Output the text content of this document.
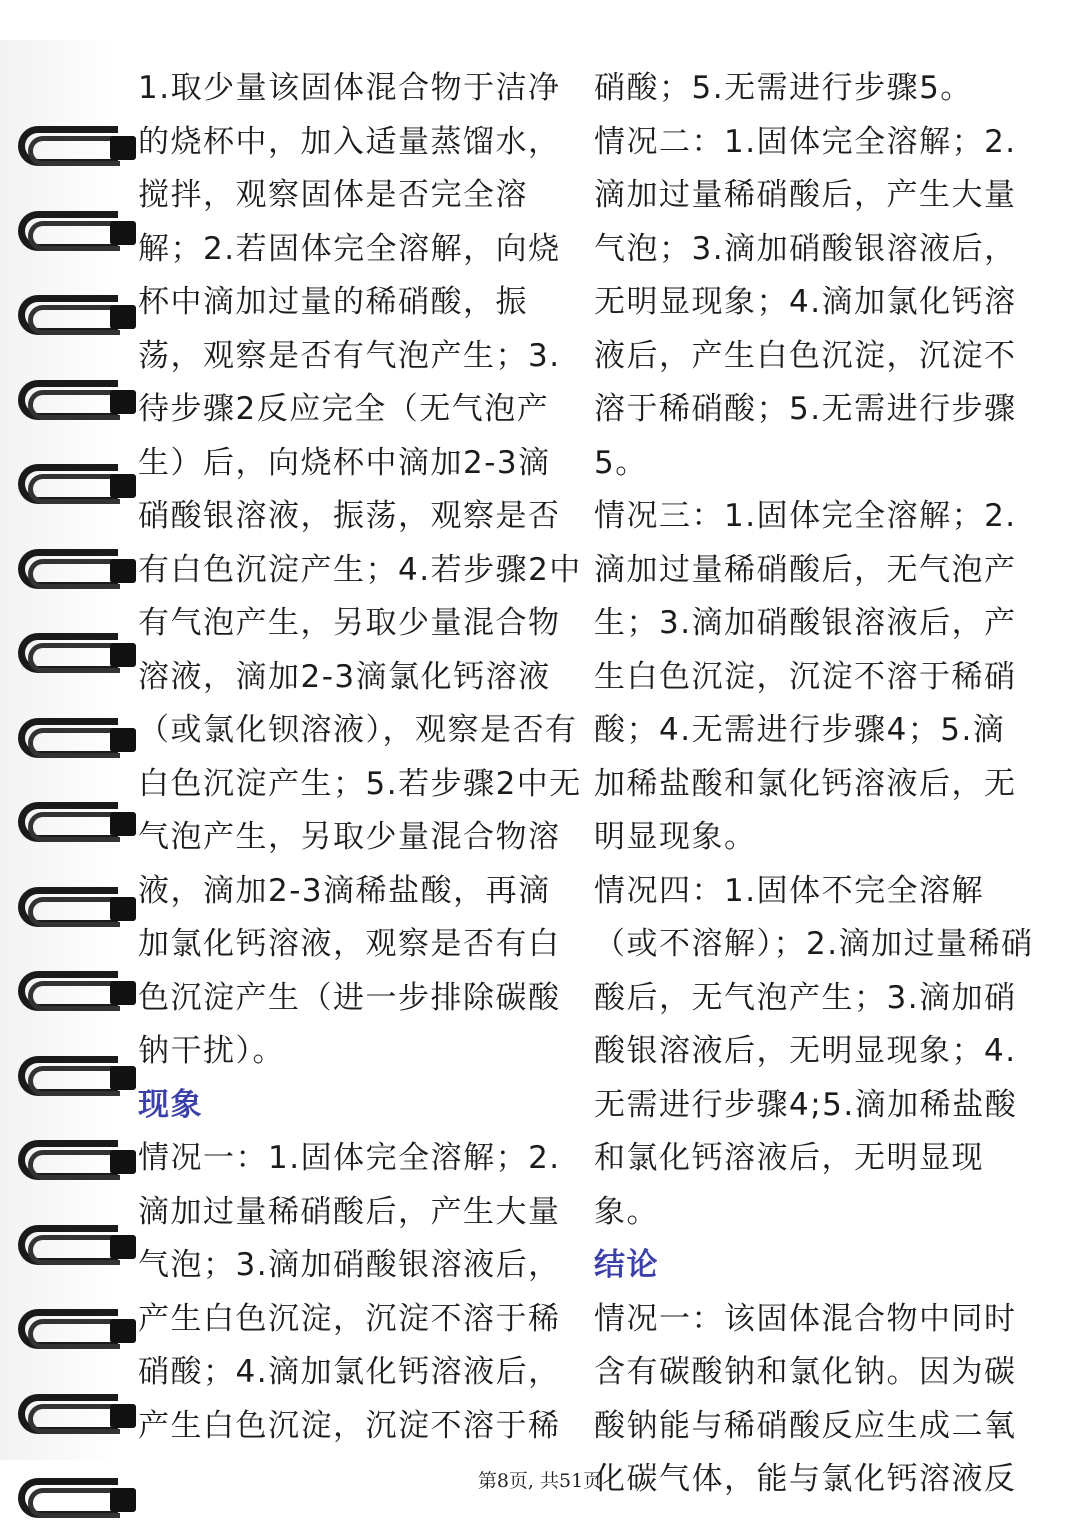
1.取少量该固体混合物于洁净的烧杯中，加入适量蒸馏水，搅拌，观察固体是否完全溶解；2.若固体完全溶解，向烧杯中滴加过量的稀硝酸，振荡，观察是否有气泡产生；3.待步骤2反应完全（无气泡产生）后，向烧杯中滴加2-3滴硝酸银溶液，振荡，观察是否有白色沉淀产生；4.若步骤2中有气泡产生，另取少量混合物溶液，滴加2-3滴氯化钙溶液（或氯化钡溶液），观察是否有白色沉淀产生；5.若步骤2中无气泡产生，另取少量混合物溶液，滴加2-3滴稀盐酸，再滴加氯化钙溶液，观察是否有白色沉淀产生（进一步排除碳酸钠干扰）。

现象

情况一：1.固体完全溶解；2.滴加过量稀硝酸后，产生大量气泡；3.滴加硝酸银溶液后，产生白色沉淀，沉淀不溶于稀硝酸；4.滴加氯化钙溶液后，产生白色沉淀，沉淀不溶于稀

硝酸；5.无需进行步骤5。

情况二：1.固体完全溶解；2.滴加过量稀硝酸后，产生大量气泡；3.滴加硝酸银溶液后，无明显现象；4.滴加氯化钙溶液后，产生白色沉淀，沉淀不溶于稀硝酸；5.无需进行步骤5。

情况三：1.固体完全溶解；2.滴加过量稀硝酸后，无气泡产生；3.滴加硝酸银溶液后，产生白色沉淀，沉淀不溶于稀硝酸；4.无需进行步骤4；5.滴加稀盐酸和氯化钙溶液后，无明显现象。

情况四：1.固体不完全溶解（或不溶解）；2.滴加过量稀硝酸后，无气泡产生；3.滴加硝酸银溶液后，无明显现象；4.无需进行步骤4;5.滴加稀盐酸和氯化钙溶液后，无明显现象。

结论

情况一：该固体混合物中同时含有碳酸钠和氯化钠。因为碳酸钠能与稀硝酸反应生成二氧化碳气体，能与氯化钙溶液反

第8页, 共51页
